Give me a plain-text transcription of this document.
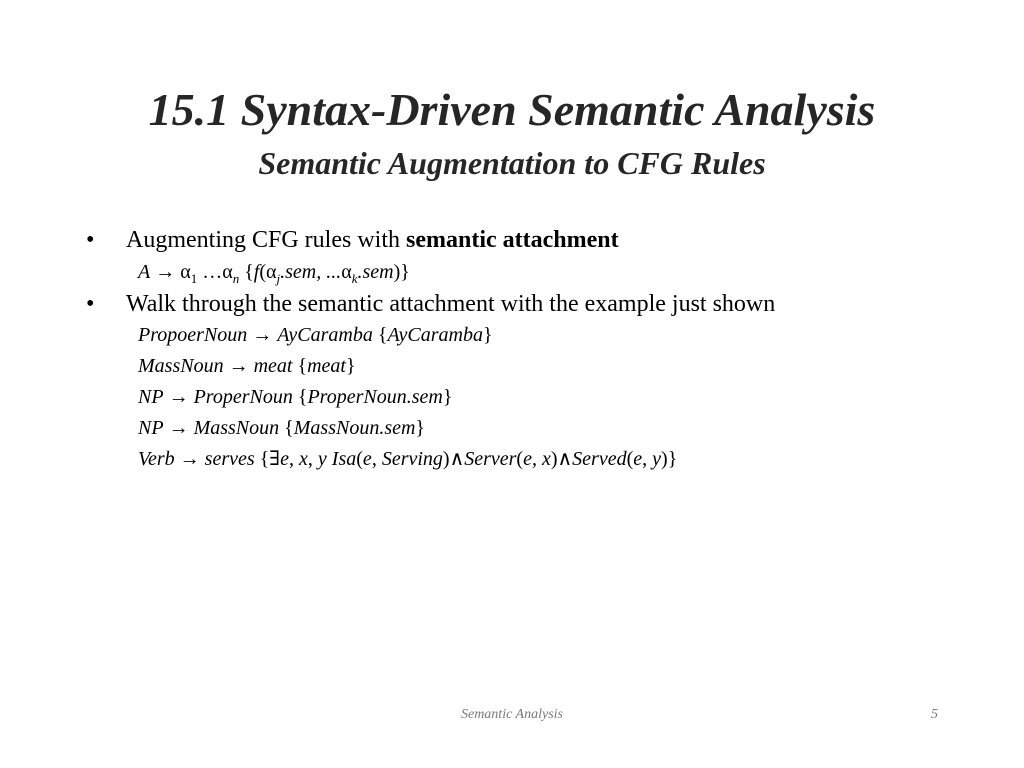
15.1 Syntax-Driven Semantic Analysis
Semantic Augmentation to CFG Rules
• Augmenting CFG rules with semantic attachment
$A \to \alpha_1$ $\dots\alpha_n$ {$f(\alpha_j.sem$, $...\alpha_k.sem$)}
• Walk through the semantic attachment with the example just shown
PropoerNoun → AyCaramba {AyCaramba}
MassNoun → meat {meat}
NP → ProperNoun {ProperNoun.sem}
NP → MassNoun {MassNoun.sem}
Verb → serves {∃e, x, y Isa(e, Serving)∧Server(e, x)∧Served(e, y)}
Semantic Analysis	5
